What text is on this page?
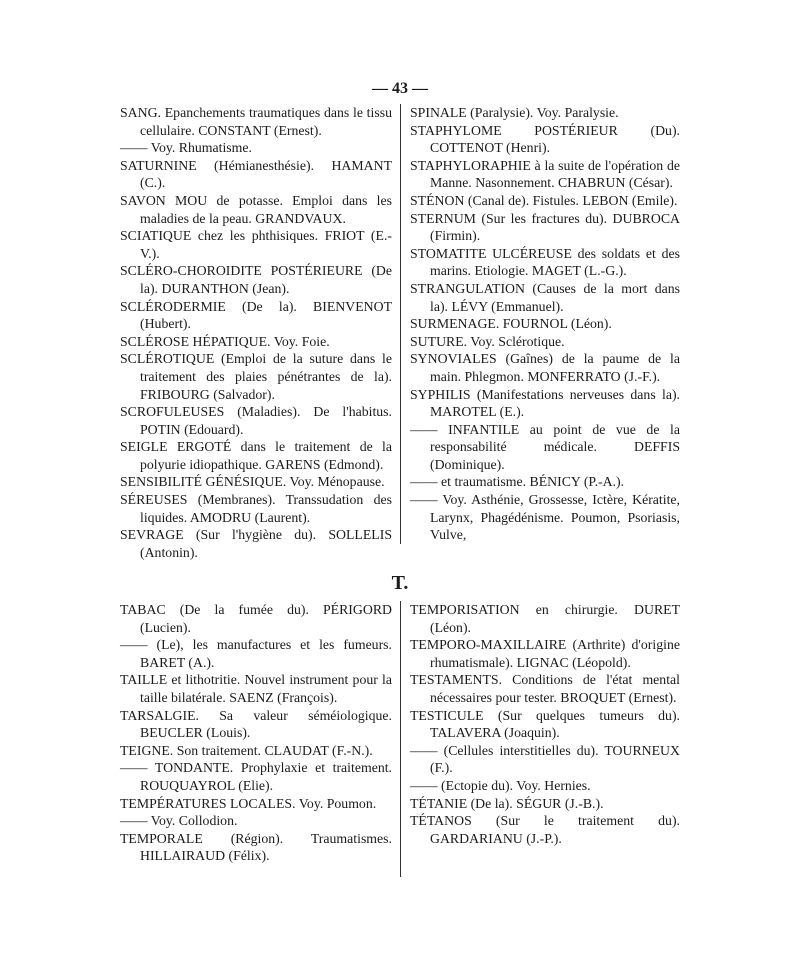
— 43 —
SANG. Epanchements traumatiques dans le tissu cellulaire. CONSTANT (Ernest).
—— Voy. Rhumatisme.
SATURNINE (Hémianesthésie). HAMANT (C.).
SAVON MOU de potasse. Emploi dans les maladies de la peau. GRANDVAUX.
SCIATIQUE chez les phthisiques. FRIOT (E.-V.).
SCLÉRO-CHOROIDITE POSTÉRIEURE (De la). DURANTHON (Jean).
SCLÉRODERMIE (De la). BIENVENOT (Hubert).
SCLÉROSE HÉPATIQUE. Voy. Foie.
SCLÉROTIQUE (Emploi de la suture dans le traitement des plaies pénétrantes de la). FRIBOURG (Salvador).
SCROFULEUSES (Maladies). De l'habitus. POTIN (Edouard).
SEIGLE ERGOTÉ dans le traitement de la polyurie idiopathique. GARENS (Edmond).
SENSIBILITÉ GÉNÉSIQUE. Voy. Ménopause.
SÉREUSES (Membranes). Transsudation des liquides. AMODRU (Laurent).
SEVRAGE (Sur l'hygiène du). SOLLELIS (Antonin).
SPINALE (Paralysie). Voy. Paralysie.
STAPHYLOME POSTÉRIEUR (Du). COTTENOT (Henri).
STAPHYLORAPHIE à la suite de l'opération de Manne. Nasonnement. CHABRUN (César).
STÉNON (Canal de). Fistules. LEBON (Emile).
STERNUM (Sur les fractures du). DUBROCA (Firmin).
STOMATITE ULCÉREUSE des soldats et des marins. Etiologie. MAGET (L.-G.).
STRANGULATION (Causes de la mort dans la). LÉVY (Emmanuel).
SURMENAGE. FOURNOL (Léon).
SUTURE. Voy. Sclérotique.
SYNOVIALES (Gaînes) de la paume de la main. Phlegmon. MONFERRATO (J.-F.).
SYPHILIS (Manifestations nerveuses dans la). MAROTEL (E.).
—— INFANTILE au point de vue de la responsabilité médicale. DEFFIS (Dominique).
—— et traumatisme. BÉNICY (P.-A.).
—— Voy. Asthénie, Grossesse, Ictère, Kératite, Larynx, Phagédénisme. Poumon, Psoriasis, Vulve,
T.
TABAC (De la fumée du). PÉRIGORD (Lucien).
—— (Le), les manufactures et les fumeurs. BARET (A.).
TAILLE et lithotritie. Nouvel instrument pour la taille bilatérale. SAENZ (François).
TARSALGIE. Sa valeur séméiologique. BEUCLER (Louis).
TEIGNE. Son traitement. CLAUDAT (F.-N.).
—— TONDANTE. Prophylaxie et traitement. ROUQUAYROL (Elie).
TEMPÉRATURES LOCALES. Voy. Poumon.
—— Voy. Collodion.
TEMPORALE (Région). Traumatismes. HILLAIRAUD (Félix).
TEMPORISATION en chirurgie. DURET (Léon).
TEMPORO-MAXILLAIRE (Arthrite) d'origine rhumatismale). LIGNAC (Léopold).
TESTAMENTS. Conditions de l'état mental nécessaires pour tester. BROQUET (Ernest).
TESTICULE (Sur quelques tumeurs du). TALAVERA (Joaquin).
—— (Cellules interstitielles du). TOURNEUX (F.).
—— (Ectopie du). Voy. Hernies.
TÉTANIE (De la). SÉGUR (J.-B.).
TÉTANOS (Sur le traitement du). GARDARIANU (J.-P.).
